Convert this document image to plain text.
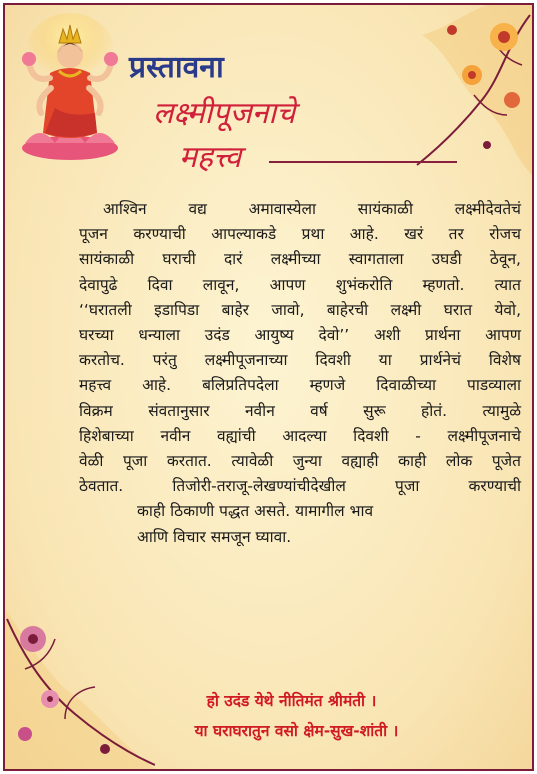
प्रस्तावना
लक्ष्मीपूजनाचे
महत्त्व
आश्विन वद्य अमावास्येला सायंकाळी लक्ष्मीदेवतेचं
पूजन करण्याची आपल्याकडे प्रथा आहे. खरं तर रोजच
सायंकाळी घराची दारं लक्ष्मीच्या स्वागताला उघडी ठेवून,
देवापुढे दिवा लावून, आपण शुभंकरोति म्हणतो. त्यात
‘‘घरातली इडापिडा बाहेर जावो, बाहेरची लक्ष्मी घरात येवो,
घरच्या धन्याला उदंड आयुष्य देवो’’ अशी प्रार्थना आपण
करतोच. परंतु लक्ष्मीपूजनाच्या दिवशी या प्रार्थनेचं विशेष
महत्त्व आहे. बलिप्रतिपदेला म्हणजे दिवाळीच्या पाडव्याला
विक्रम संवतानुसार नवीन वर्ष सुरू होतं. त्यामुळे
हिशेबाच्या नवीन वह्यांची आदल्या दिवशी - लक्ष्मीपूजनाचे
वेळी पूजा करतात. त्यावेळी जुन्या वह्याही काही लोक पूजेत
ठेवतात. तिजोरी-तराजू-लेखण्यांचीदेखील पूजा करण्याची
काही ठिकाणी पद्धत असते. यामागील भाव
आणि विचार समजून घ्यावा.
हो उदंड येथे नीतिमंत श्रीमंती ।
या घराघरातुन वसो क्षेम-सुख-शांती ।
